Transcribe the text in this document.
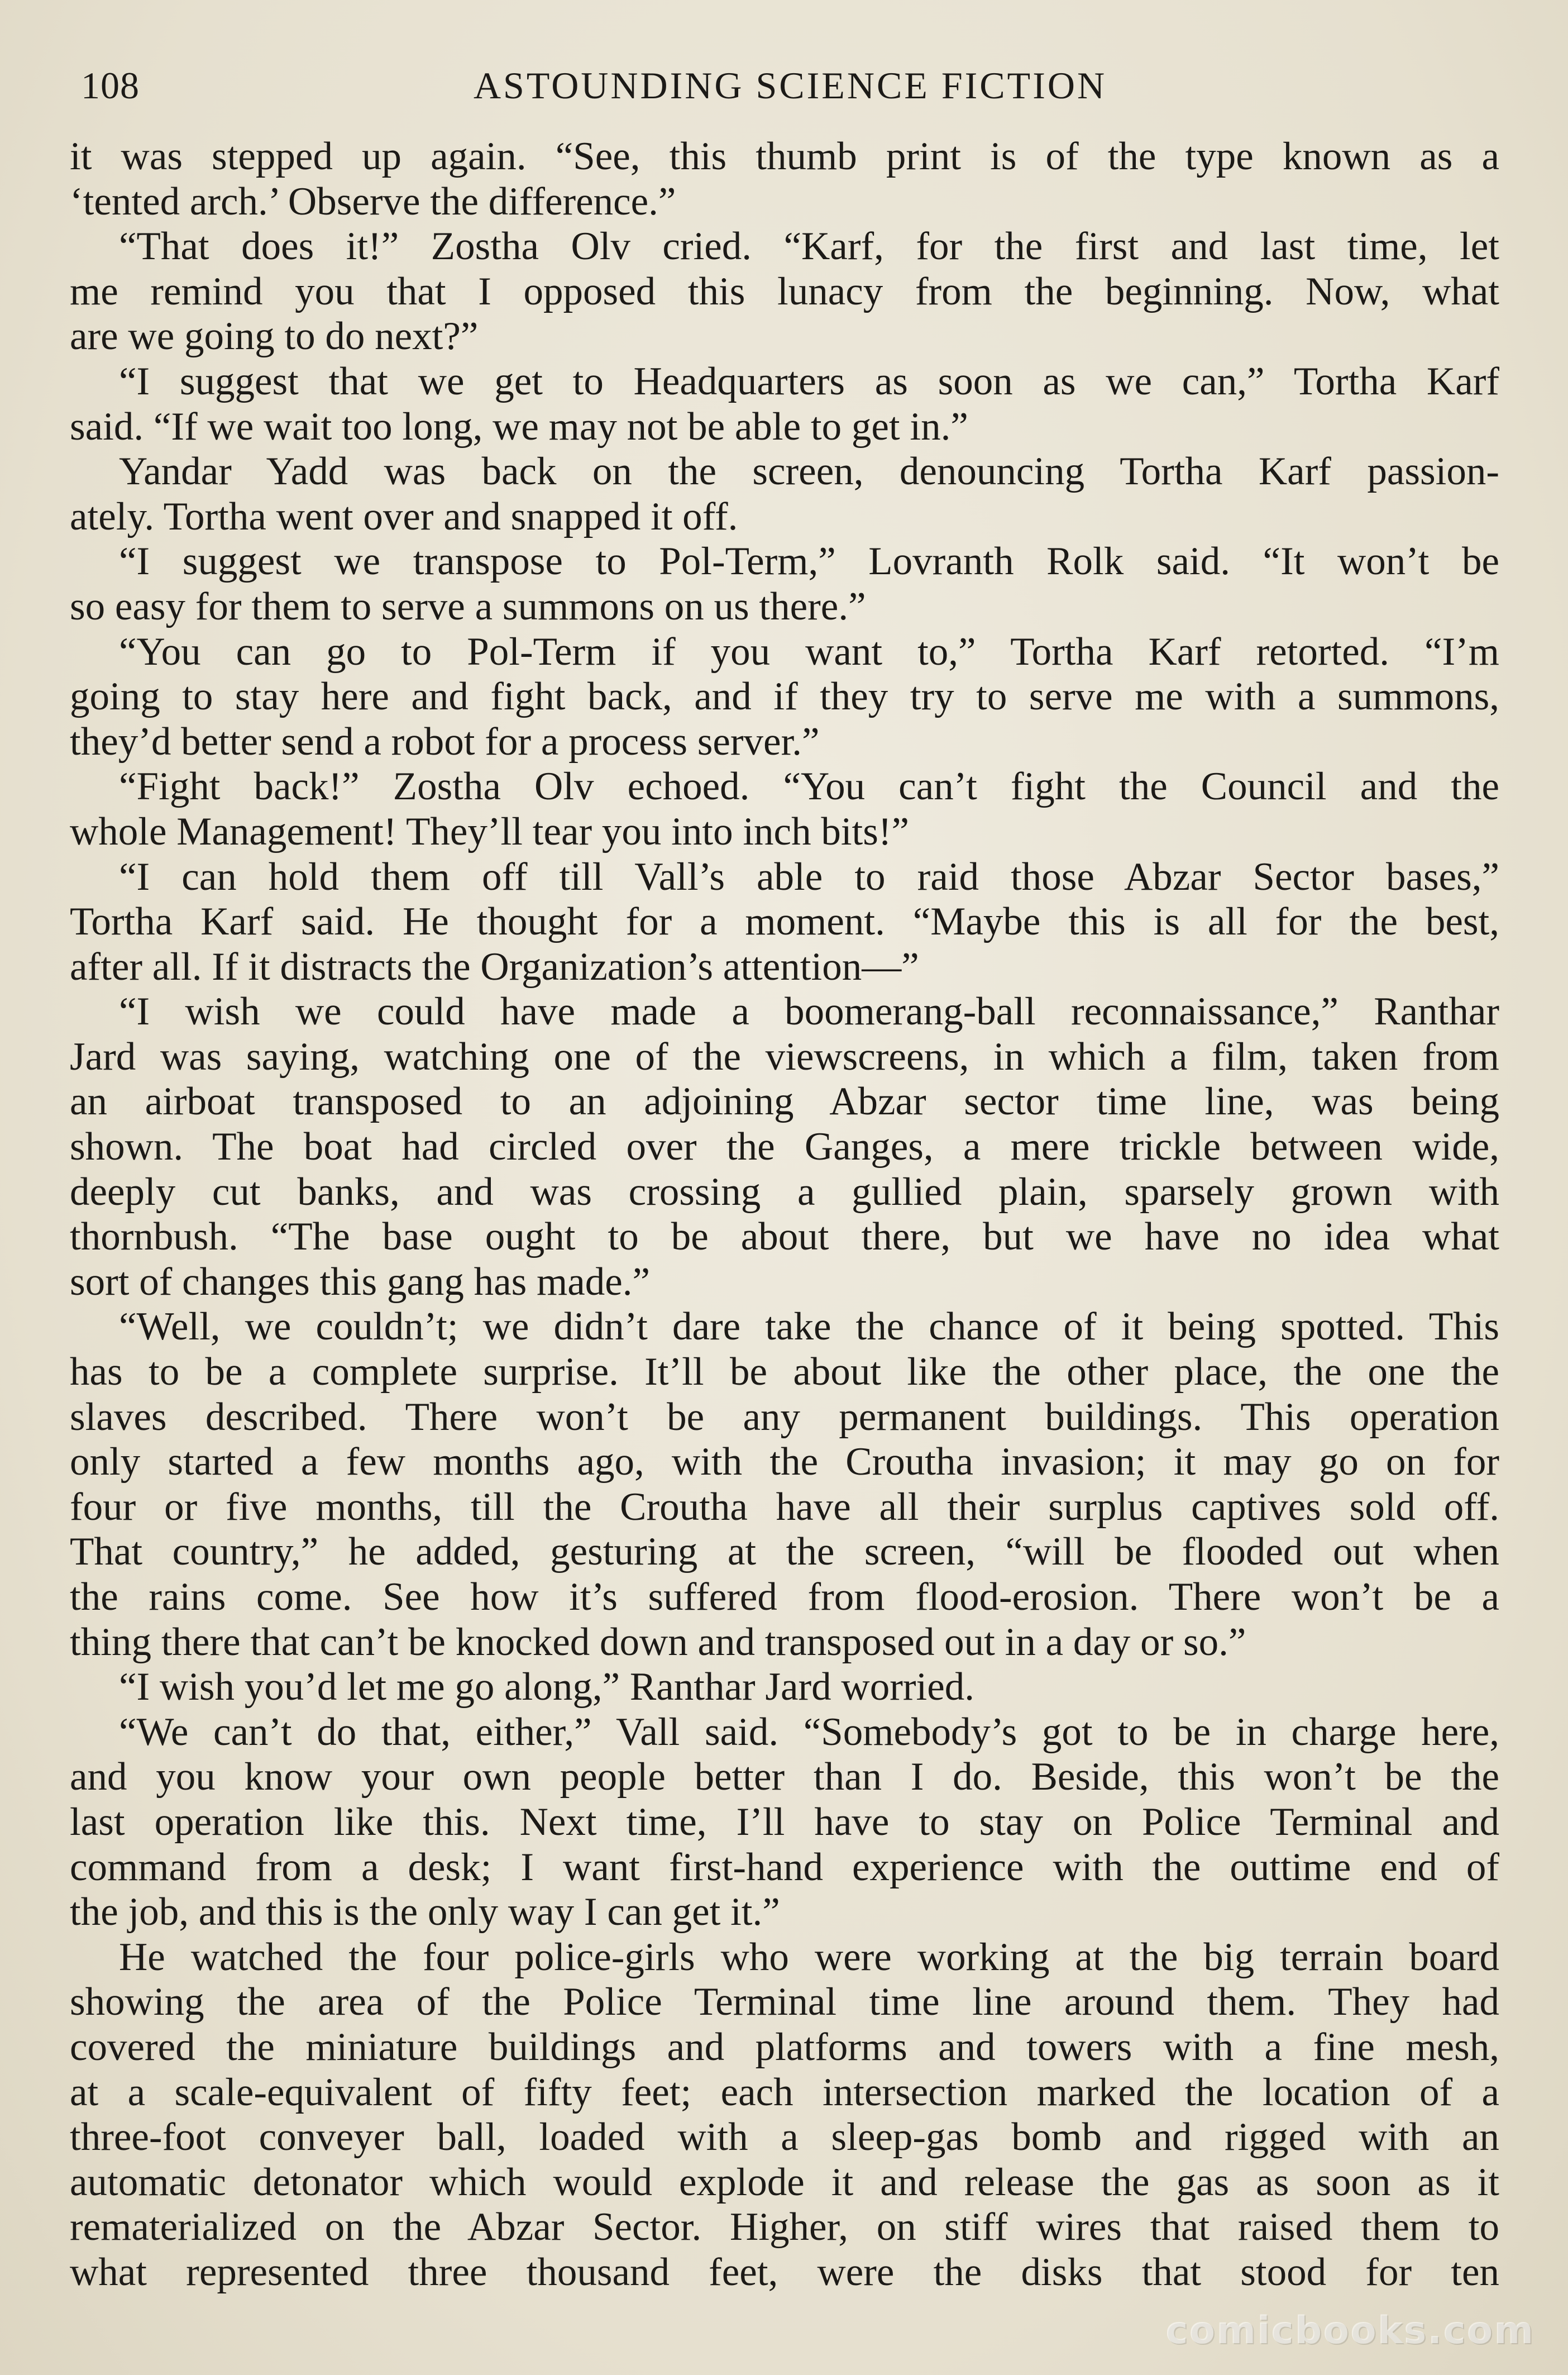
108	ASTOUNDING SCIENCE FICTION
it was stepped up again. “See, this thumb print is of the type known as a
‘tented arch.’ Observe the difference.”
“That does it!” Zostha Olv cried. “Karf, for the first and last time, let
me remind you that I opposed this lunacy from the beginning. Now, what
are we going to do next?”
“I suggest that we get to Headquarters as soon as we can,” Tortha Karf
said. “If we wait too long, we may not be able to get in.”
Yandar Yadd was back on the screen, denouncing Tortha Karf passion-
ately. Tortha went over and snapped it off.
“I suggest we transpose to Pol-Term,” Lovranth Rolk said. “It won’t be
so easy for them to serve a summons on us there.”
“You can go to Pol-Term if you want to,” Tortha Karf retorted. “I’m
going to stay here and fight back, and if they try to serve me with a summons,
they’d better send a robot for a process server.”
“Fight back!” Zostha Olv echoed. “You can’t fight the Council and the
whole Management! They’ll tear you into inch bits!”
“I can hold them off till Vall’s able to raid those Abzar Sector bases,”
Tortha Karf said. He thought for a moment. “Maybe this is all for the best,
after all. If it distracts the Organization’s attention—”
“I wish we could have made a boomerang-ball reconnaissance,” Ranthar
Jard was saying, watching one of the viewscreens, in which a film, taken from
an airboat transposed to an adjoining Abzar sector time line, was being
shown. The boat had circled over the Ganges, a mere trickle between wide,
deeply cut banks, and was crossing a gullied plain, sparsely grown with
thornbush. “The base ought to be about there, but we have no idea what
sort of changes this gang has made.”
“Well, we couldn’t; we didn’t dare take the chance of it being spotted. This
has to be a complete surprise. It’ll be about like the other place, the one the
slaves described. There won’t be any permanent buildings. This operation
only started a few months ago, with the Croutha invasion; it may go on for
four or five months, till the Croutha have all their surplus captives sold off.
That country,” he added, gesturing at the screen, “will be flooded out when
the rains come. See how it’s suffered from flood-erosion. There won’t be a
thing there that can’t be knocked down and transposed out in a day or so.”
“I wish you’d let me go along,” Ranthar Jard worried.
“We can’t do that, either,” Vall said. “Somebody’s got to be in charge here,
and you know your own people better than I do. Beside, this won’t be the
last operation like this. Next time, I’ll have to stay on Police Terminal and
command from a desk; I want first-hand experience with the outtime end of
the job, and this is the only way I can get it.”
He watched the four police-girls who were working at the big terrain board
showing the area of the Police Terminal time line around them. They had
covered the miniature buildings and platforms and towers with a fine mesh,
at a scale-equivalent of fifty feet; each intersection marked the location of a
three-foot conveyer ball, loaded with a sleep-gas bomb and rigged with an
automatic detonator which would explode it and release the gas as soon as it
rematerialized on the Abzar Sector. Higher, on stiff wires that raised them to
what represented three thousand feet, were the disks that stood for ten
comicbooks.com
